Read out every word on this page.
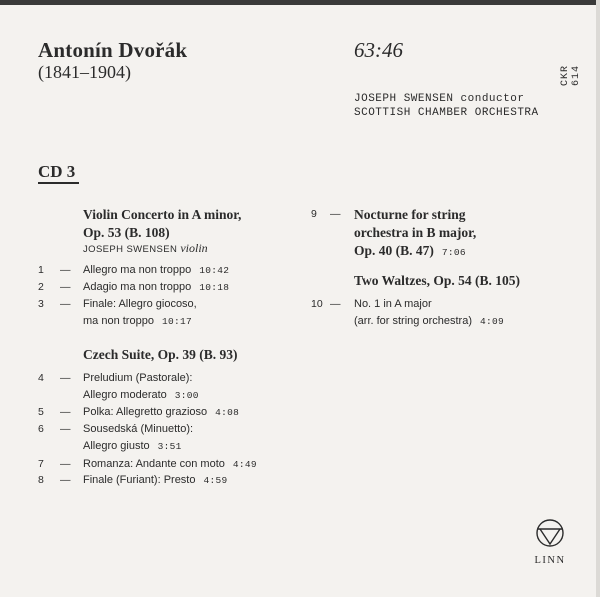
Antonín Dvořák
(1841–1904)
63:46
CKR 614
JOSEPH SWENSEN conductor
SCOTTISH CHAMBER ORCHESTRA
CD 3
Violin Concerto in A minor,
Op. 53 (B. 108)
JOSEPH SWENSEN violin
1	— Allegro ma non troppo 10:42
2	— Adagio ma non troppo 10:18
3	— Finale: Allegro giocoso,
ma non troppo 10:17
Czech Suite, Op. 39 (B. 93)
4	— Preludium (Pastorale):
Allegro moderato 3:00
5	— Polka: Allegretto grazioso 4:08
6	— Sousedská (Minuetto):
Allegro giusto 3:51
7	— Romanza: Andante con moto 4:49
8	— Finale (Furiant): Presto 4:59
9	— Nocturne for string
orchestra in B major,
Op. 40 (B. 47) 7:06
Two Waltzes, Op. 54 (B. 105)
10 — No. 1 in A major
(arr. for string orchestra) 4:09
LINN
